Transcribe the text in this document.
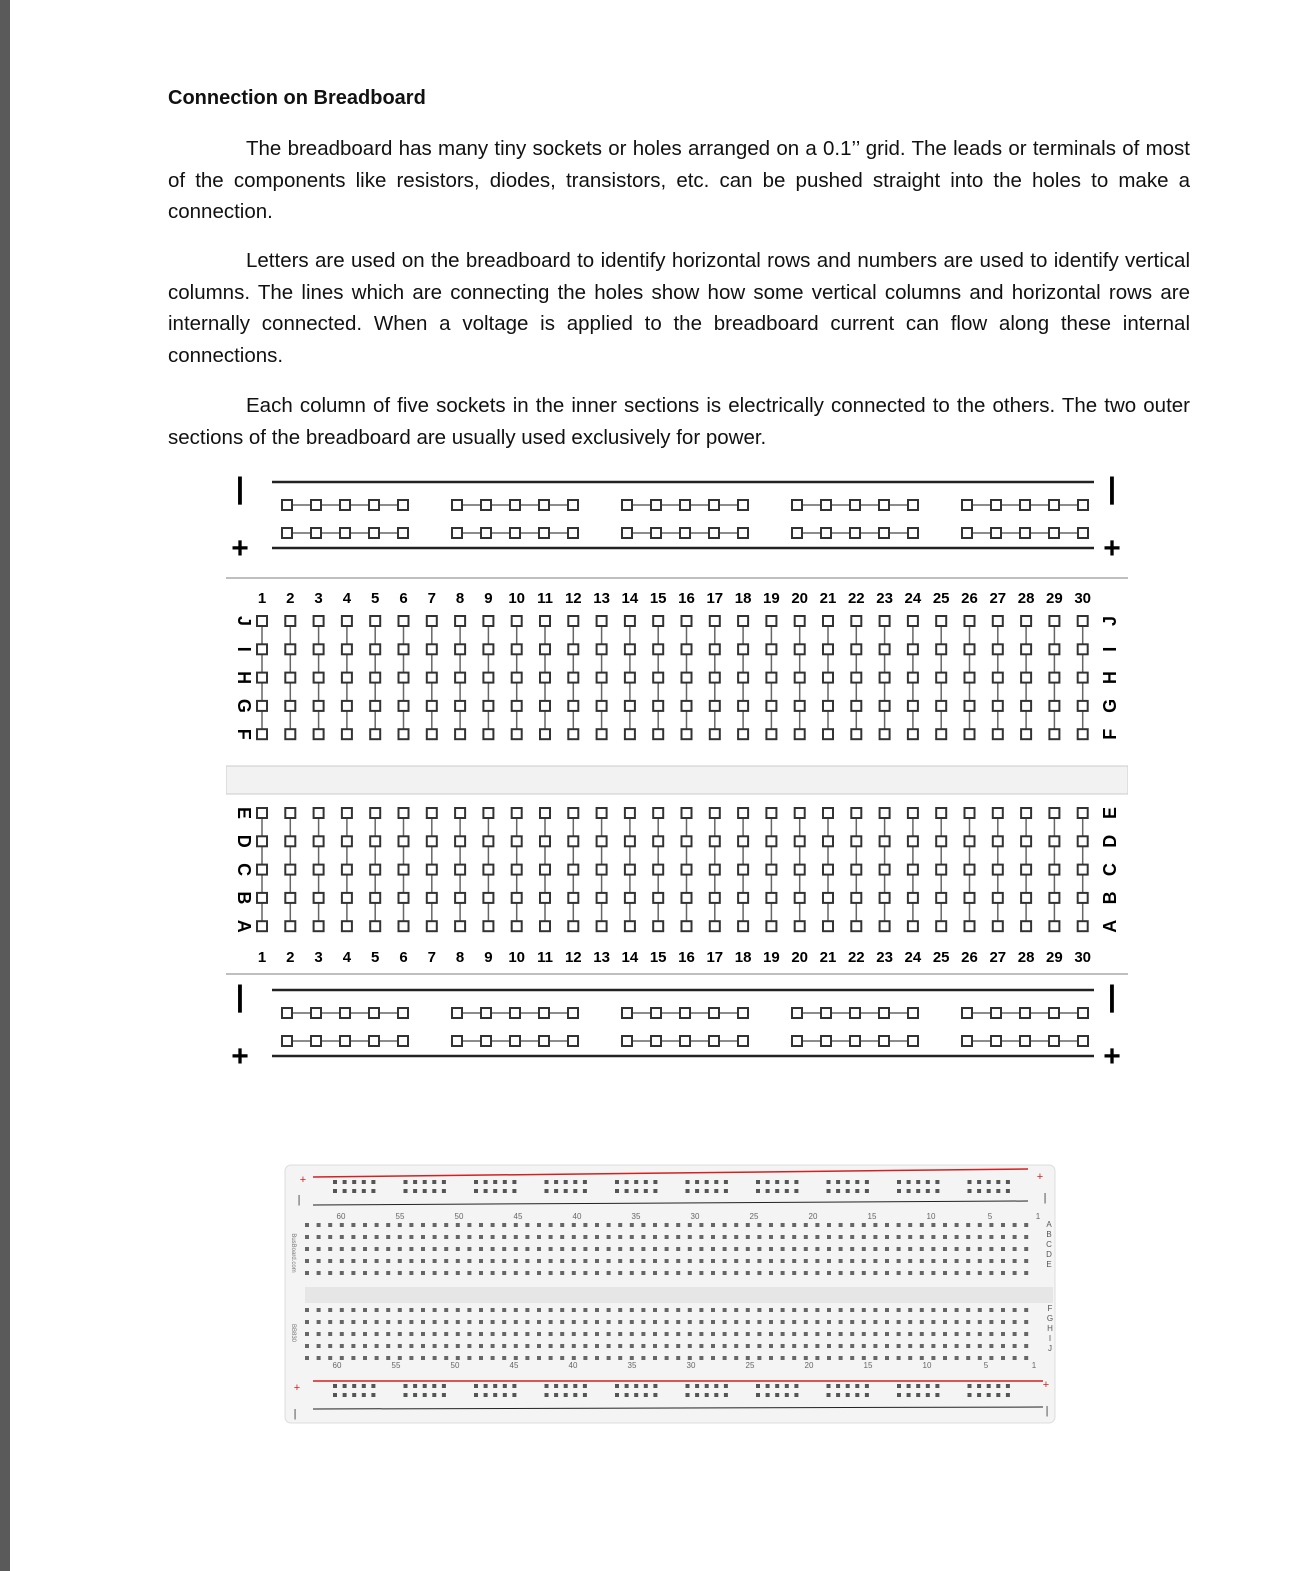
Connection on Breadboard

The breadboard has many tiny sockets or holes arranged on a 0.1’’ grid. The leads or terminals of most of the components like resistors, diodes, transistors, etc. can be pushed straight into the holes to make a connection.

Letters are used on the breadboard to identify horizontal rows and numbers are used to identify vertical columns. The lines which are connecting the holes show how some vertical columns and horizontal rows are internally connected. When a voltage is applied to the breadboard current can flow along these internal connections.

Each column of five sockets in the inner sections is electrically connected to the others. The two outer sections of the breadboard are usually used exclusively for power.

|	|
+	+
|	|
+	+
J	J
I	I
H	H
G	G
F	F
E	E
D	D
C	C
B	B
A	A
1
1
2
2
3
3
4
4
5
5
6
6
7
7
8
8
9
9
10
10
11
11
12
12
13
13
14
14
15
15
16
16
17
17
18
18
19
19
20
20
21
21
22
22
23
23
24
24
25
25
26
26
27
27
28
28
29
29
30
30
+	+
+	+
|	|
|	|
60
60
55
55
50
50
45
45
40
40
35
35
30
30
25
25
20
20
15
15
10
10
5
5
1
1
A
B
C
D
E
F
G
H
I
J
BusBoard.com
BB830
